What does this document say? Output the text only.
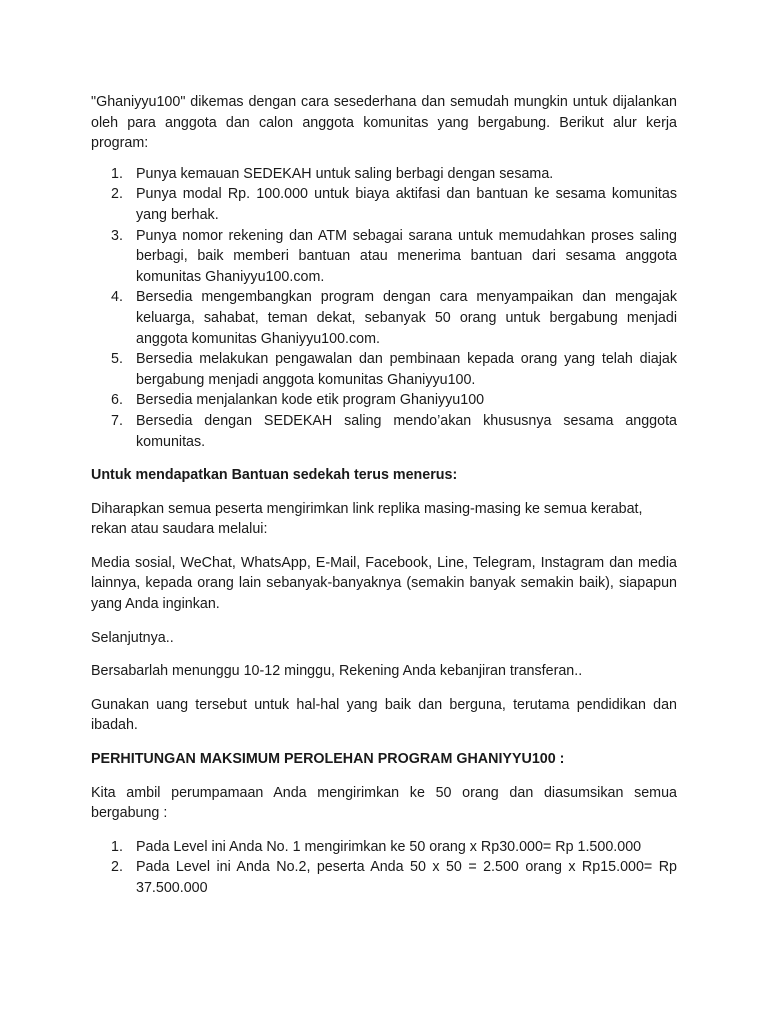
"Ghaniyyu100" dikemas dengan cara sesederhana dan semudah mungkin untuk dijalankan oleh para anggota dan calon anggota komunitas yang bergabung. Berikut alur kerja program:

1. Punya kemauan SEDEKAH untuk saling berbagi dengan sesama.
2. Punya modal Rp. 100.000 untuk biaya aktifasi dan bantuan ke sesama komunitas yang berhak.
3. Punya nomor rekening dan ATM sebagai sarana untuk memudahkan proses saling berbagi, baik memberi bantuan atau menerima bantuan dari sesama anggota komunitas Ghaniyyu100.com.
4. Bersedia mengembangkan program dengan cara menyampaikan dan mengajak keluarga, sahabat, teman dekat, sebanyak 50 orang untuk bergabung menjadi anggota komunitas Ghaniyyu100.com.
5. Bersedia melakukan pengawalan dan pembinaan kepada orang yang telah diajak bergabung menjadi anggota komunitas Ghaniyyu100.
6. Bersedia menjalankan kode etik program Ghaniyyu100
7. Bersedia dengan SEDEKAH saling mendo’akan khususnya sesama anggota komunitas.

Untuk mendapatkan Bantuan sedekah terus menerus:

Diharapkan semua peserta mengirimkan link replika masing-masing ke semua kerabat, rekan atau saudara melalui:

Media sosial, WeChat, WhatsApp, E-Mail, Facebook, Line, Telegram, Instagram dan media lainnya, kepada orang lain sebanyak-banyaknya (semakin banyak semakin baik), siapapun yang Anda inginkan.

Selanjutnya..

Bersabarlah menunggu 10-12 minggu, Rekening Anda kebanjiran transferan..

Gunakan uang tersebut untuk hal-hal yang baik dan berguna, terutama pendidikan dan ibadah.

PERHITUNGAN MAKSIMUM PEROLEHAN PROGRAM GHANIYYU100 :

Kita ambil perumpamaan Anda mengirimkan ke 50 orang dan diasumsikan semua bergabung :

1. Pada Level ini Anda No. 1 mengirimkan ke 50 orang x Rp30.000= Rp 1.500.000
2. Pada Level ini Anda No.2, peserta Anda 50 x 50 = 2.500 orang x Rp15.000= Rp 37.500.000
